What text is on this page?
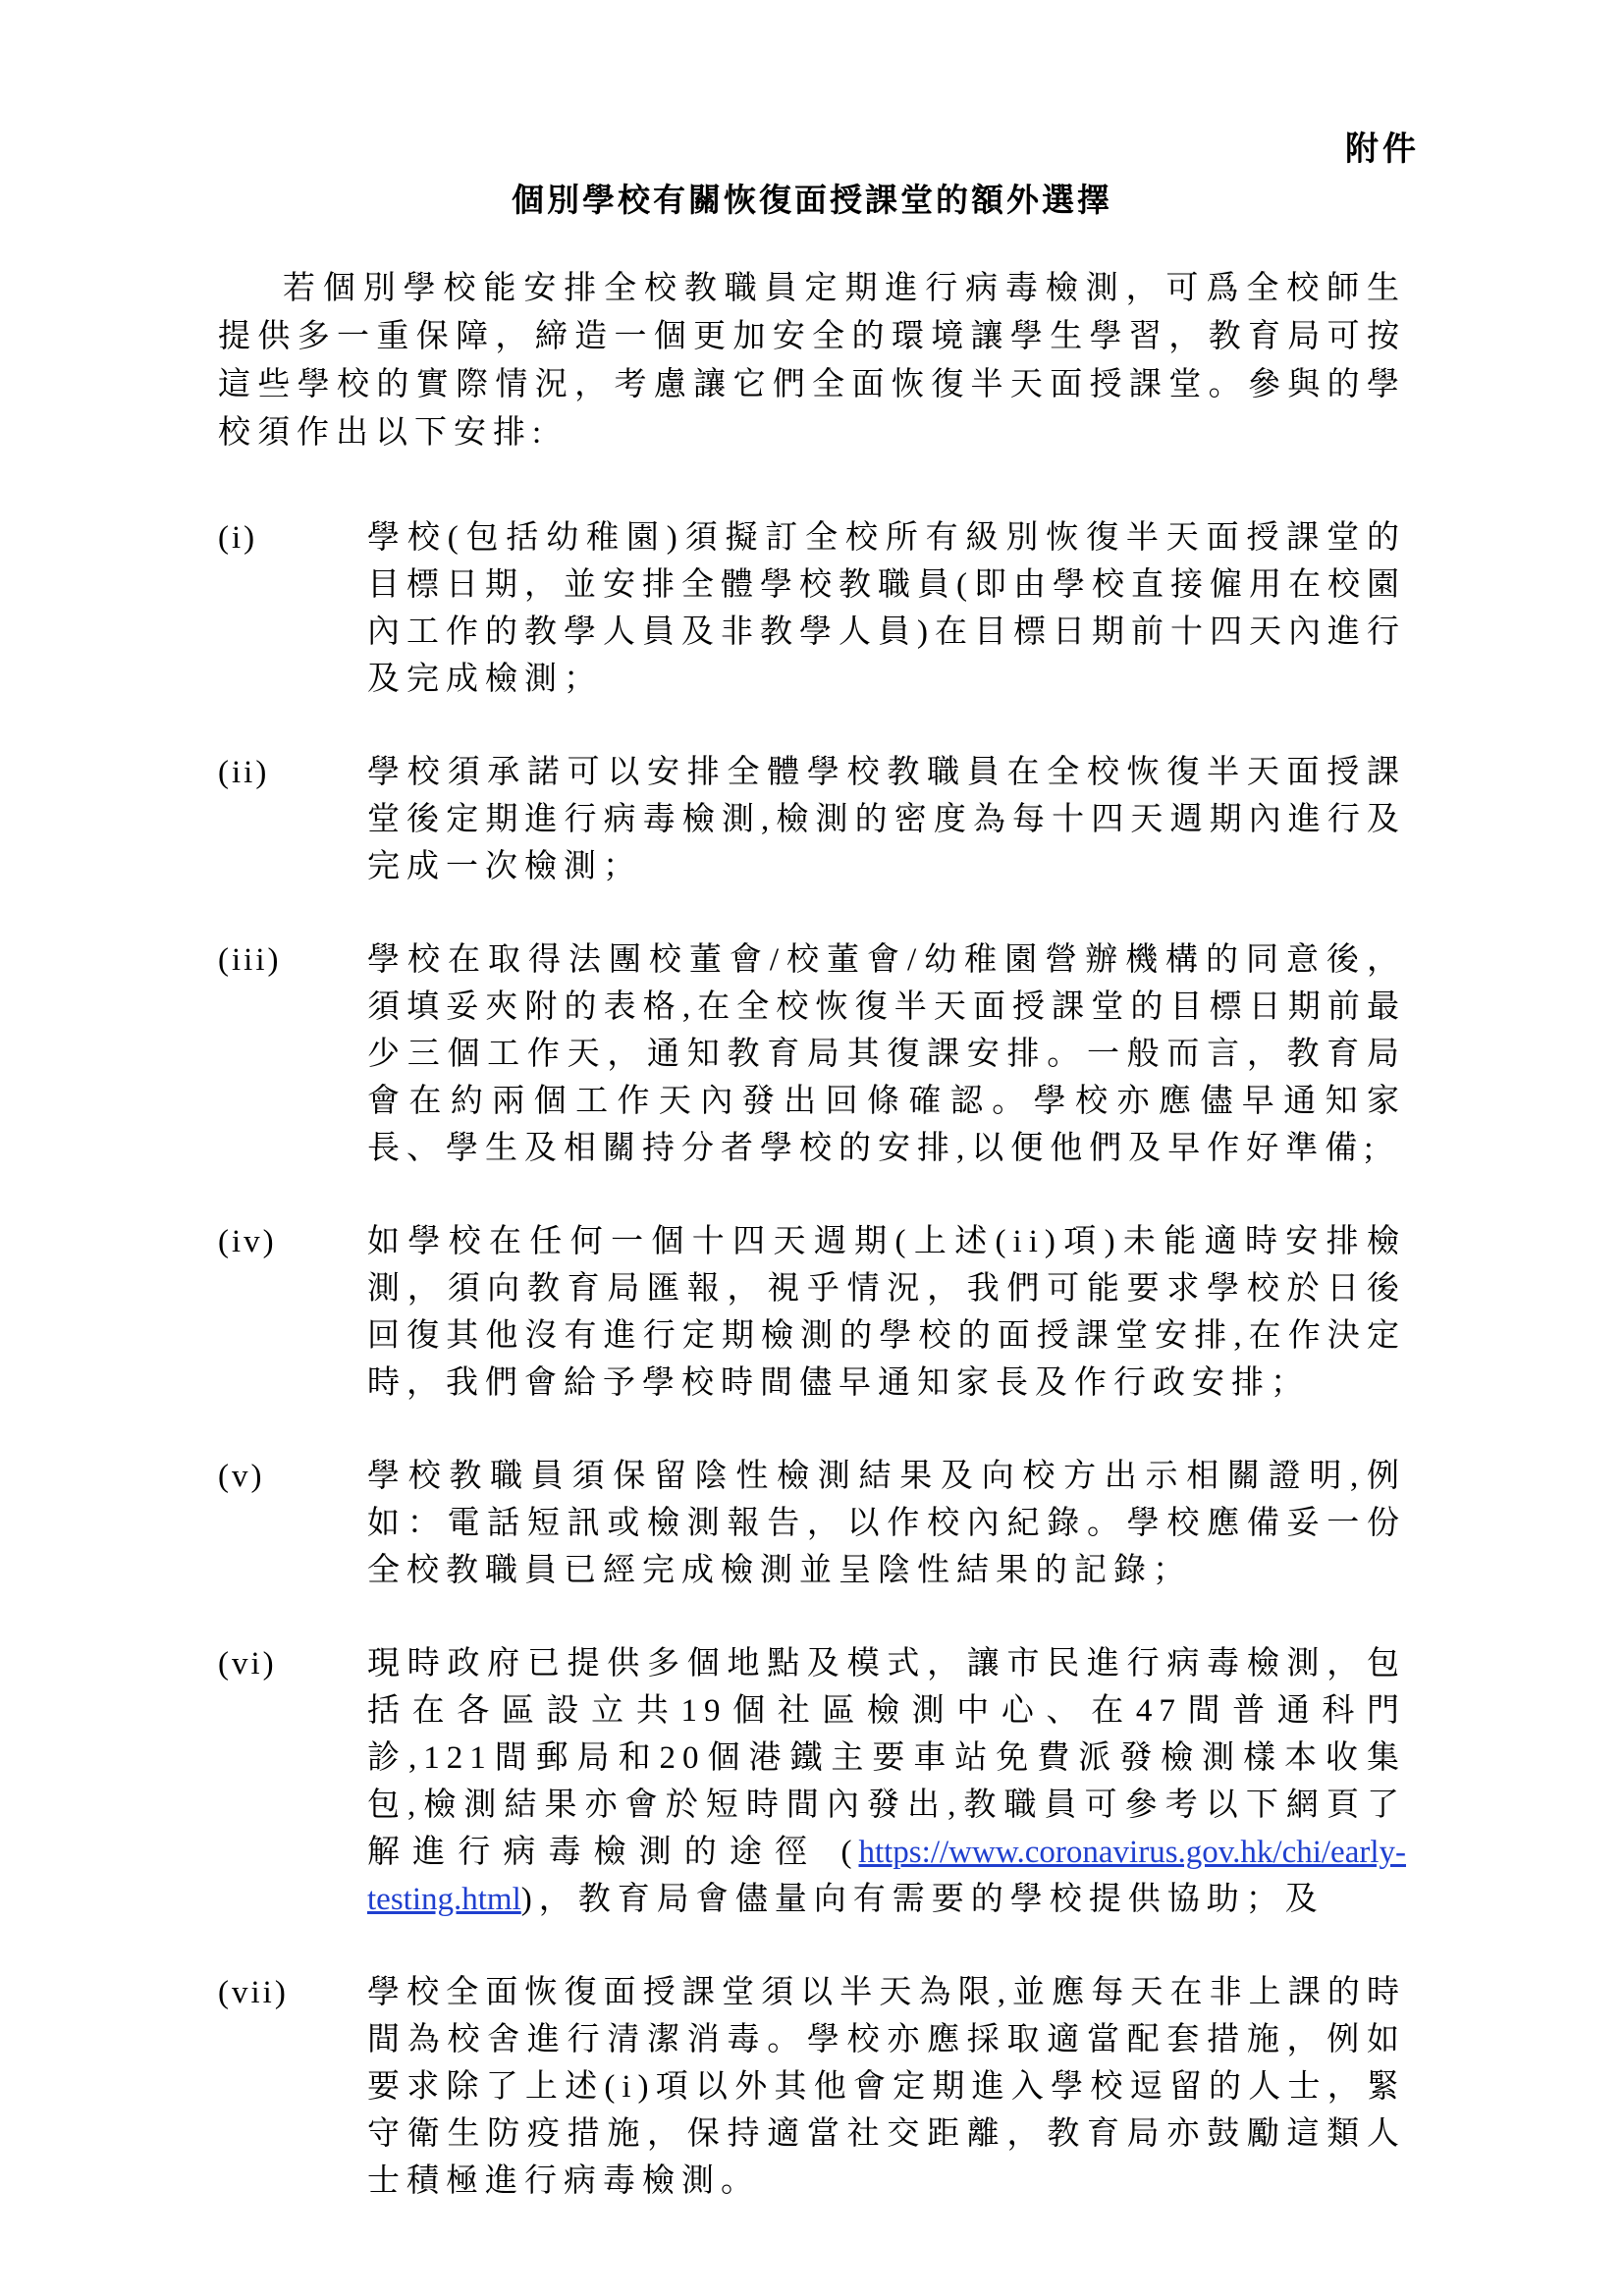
附件
個別學校有關恢復面授課堂的額外選擇

若個別學校能安排全校教職員定期進行病毒檢測，可爲全校師生提供多一重保障，締造一個更加安全的環境讓學生學習，教育局可按這些學校的實際情況，考慮讓它們全面恢復半天面授課堂。參與的學校須作出以下安排:

(i)	學校(包括幼稚園)須擬訂全校所有級別恢復半天面授課堂的目標日期，並安排全體學校教職員(即由學校直接僱用在校園內工作的教學人員及非教學人員)在目標日期前十四天內進行及完成檢測；

(ii)	學校須承諾可以安排全體學校教職員在全校恢復半天面授課堂後定期進行病毒檢測,檢測的密度為每十四天週期內進行及完成一次檢測；

(iii)	學校在取得法團校董會/校董會/幼稚園營辦機構的同意後，須填妥夾附的表格,在全校恢復半天面授課堂的目標日期前最少三個工作天，通知教育局其復課安排。一般而言，教育局會在約兩個工作天內發出回條確認。學校亦應儘早通知家長、學生及相關持分者學校的安排,以便他們及早作好準備;

(iv)	如學校在任何一個十四天週期(上述(ii)項)未能適時安排檢測，須向教育局匯報，視乎情況，我們可能要求學校於日後回復其他沒有進行定期檢測的學校的面授課堂安排,在作決定時，我們會給予學校時間儘早通知家長及作行政安排；

(v)	學校教職員須保留陰性檢測結果及向校方出示相關證明,例如：電話短訊或檢測報告，以作校內紀錄。學校應備妥一份全校教職員已經完成檢測並呈陰性結果的記錄；

(vi)	現時政府已提供多個地點及模式，讓市民進行病毒檢測，包括在各區設立共19個社區檢測中心、在47間普通科門診,121間郵局和20個港鐵主要車站免費派發檢測樣本收集包,檢測結果亦會於短時間內發出,教職員可參考以下網頁了解進行病毒檢測的途徑 (https://www.coronavirus.gov.hk/chi/early-testing.html)，教育局會儘量向有需要的學校提供協助；及

(vii)	學校全面恢復面授課堂須以半天為限,並應每天在非上課的時間為校舍進行清潔消毒。學校亦應採取適當配套措施，例如要求除了上述(i)項以外其他會定期進入學校逗留的人士，緊守衛生防疫措施，保持適當社交距離，教育局亦鼓勵這類人士積極進行病毒檢測。
